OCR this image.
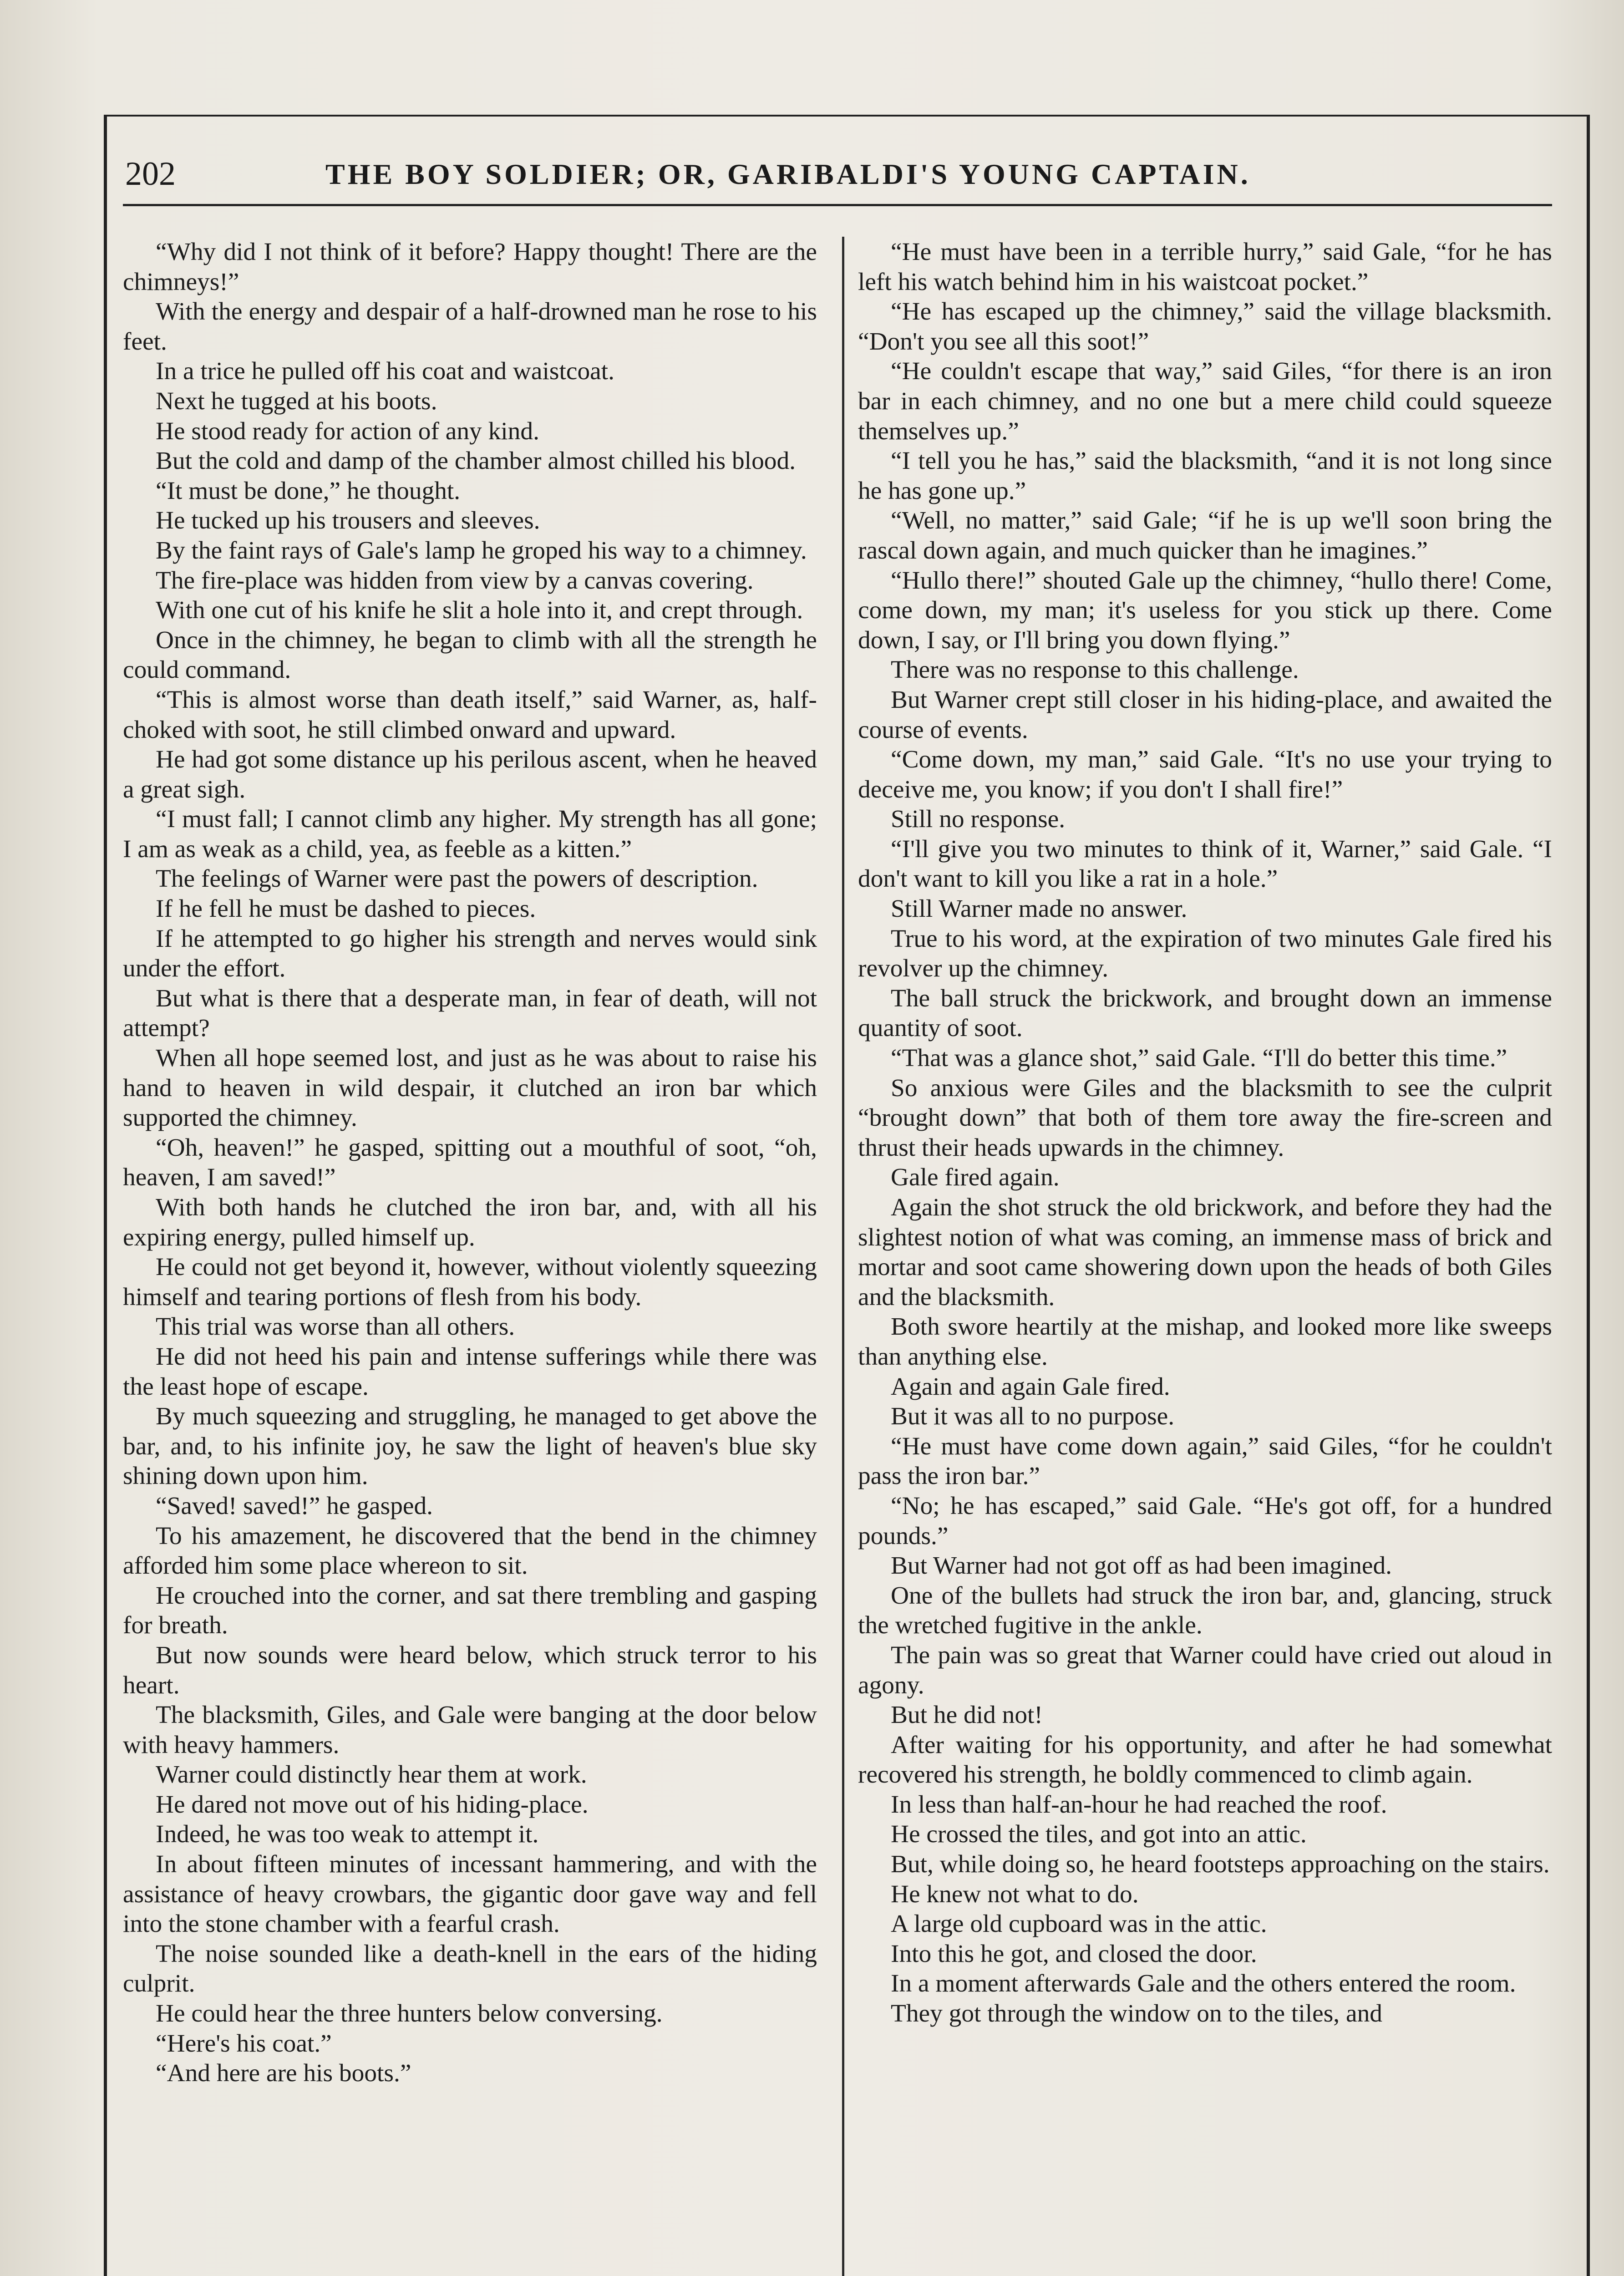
202	THE BOY SOLDIER; OR, GARIBALDI'S YOUNG CAPTAIN.

“Why did I not think of it before? Happy thought! There are the chimneys!”

With the energy and despair of a half-drowned man he rose to his feet.

In a trice he pulled off his coat and waistcoat.

Next he tugged at his boots.

He stood ready for action of any kind.

But the cold and damp of the chamber almost chilled his blood.

“It must be done,” he thought.

He tucked up his trousers and sleeves.

By the faint rays of Gale's lamp he groped his way to a chimney.

The fire-place was hidden from view by a canvas covering.

With one cut of his knife he slit a hole into it, and crept through.

Once in the chimney, he began to climb with all the strength he could command.

“This is almost worse than death itself,” said Warner, as, half-choked with soot, he still climbed onward and upward.

He had got some distance up his perilous ascent, when he heaved a great sigh.

“I must fall; I cannot climb any higher. My strength has all gone; I am as weak as a child, yea, as feeble as a kitten.”

The feelings of Warner were past the powers of description.

If he fell he must be dashed to pieces.

If he attempted to go higher his strength and nerves would sink under the effort.

But what is there that a desperate man, in fear of death, will not attempt?

When all hope seemed lost, and just as he was about to raise his hand to heaven in wild despair, it clutched an iron bar which supported the chimney.

“Oh, heaven!” he gasped, spitting out a mouthful of soot, “oh, heaven, I am saved!”

With both hands he clutched the iron bar, and, with all his expiring energy, pulled himself up.

He could not get beyond it, however, without violently squeezing himself and tearing portions of flesh from his body.

This trial was worse than all others.

He did not heed his pain and intense sufferings while there was the least hope of escape.

By much squeezing and struggling, he managed to get above the bar, and, to his infinite joy, he saw the light of heaven's blue sky shining down upon him.

“Saved! saved!” he gasped.

To his amazement, he discovered that the bend in the chimney afforded him some place whereon to sit.

He crouched into the corner, and sat there trembling and gasping for breath.

But now sounds were heard below, which struck terror to his heart.

The blacksmith, Giles, and Gale were banging at the door below with heavy hammers.

Warner could distinctly hear them at work.

He dared not move out of his hiding-place.

Indeed, he was too weak to attempt it.

In about fifteen minutes of incessant hammering, and with the assistance of heavy crowbars, the gigantic door gave way and fell into the stone chamber with a fearful crash.

The noise sounded like a death-knell in the ears of the hiding culprit.

He could hear the three hunters below conversing.

“Here's his coat.”

“And here are his boots.”

“He must have been in a terrible hurry,” said Gale, “for he has left his watch behind him in his waistcoat pocket.”

“He has escaped up the chimney,” said the village blacksmith. “Don't you see all this soot!”

“He couldn't escape that way,” said Giles, “for there is an iron bar in each chimney, and no one but a mere child could squeeze themselves up.”

“I tell you he has,” said the blacksmith, “and it is not long since he has gone up.”

“Well, no matter,” said Gale; “if he is up we'll soon bring the rascal down again, and much quicker than he imagines.”

“Hullo there!” shouted Gale up the chimney, “hullo there! Come, come down, my man; it's useless for you stick up there. Come down, I say, or I'll bring you down flying.”

There was no response to this challenge.

But Warner crept still closer in his hiding-place, and awaited the course of events.

“Come down, my man,” said Gale. “It's no use your trying to deceive me, you know; if you don't I shall fire!”

Still no response.

“I'll give you two minutes to think of it, Warner,” said Gale. “I don't want to kill you like a rat in a hole.”

Still Warner made no answer.

True to his word, at the expiration of two minutes Gale fired his revolver up the chimney.

The ball struck the brickwork, and brought down an immense quantity of soot.

“That was a glance shot,” said Gale. “I'll do better this time.”

So anxious were Giles and the blacksmith to see the culprit “brought down” that both of them tore away the fire-screen and thrust their heads upwards in the chimney.

Gale fired again.

Again the shot struck the old brickwork, and before they had the slightest notion of what was coming, an immense mass of brick and mortar and soot came showering down upon the heads of both Giles and the blacksmith.

Both swore heartily at the mishap, and looked more like sweeps than anything else.

Again and again Gale fired.

But it was all to no purpose.

“He must have come down again,” said Giles, “for he couldn't pass the iron bar.”

“No; he has escaped,” said Gale. “He's got off, for a hundred pounds.”

But Warner had not got off as had been imagined.

One of the bullets had struck the iron bar, and, glancing, struck the wretched fugitive in the ankle.

The pain was so great that Warner could have cried out aloud in agony.

But he did not!

After waiting for his opportunity, and after he had somewhat recovered his strength, he boldly commenced to climb again.

In less than half-an-hour he had reached the roof.

He crossed the tiles, and got into an attic.

But, while doing so, he heard footsteps approaching on the stairs.

He knew not what to do.

A large old cupboard was in the attic.

Into this he got, and closed the door.

In a moment afterwards Gale and the others entered the room.

They got through the window on to the tiles, and
